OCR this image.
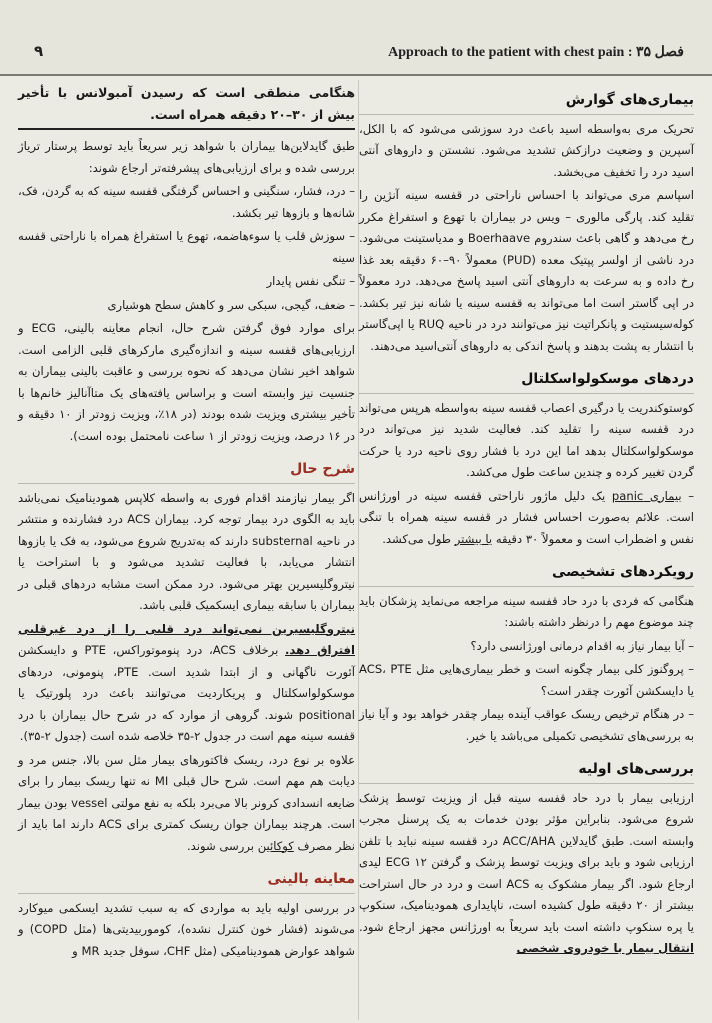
۹	Approach to the patient with chest pain : فصل ۳۵
بیماری‌های گوارش

تحریک مری به‌واسطه اسید باعث درد سوزشی می‌شود که با الکل، آسپرین و وضعیت درازکش تشدید می‌شود. نشستن و داروهای آنتی اسید درد را تخفیف می‌بخشد.

اسپاسم مری می‌تواند با احساس ناراحتی در قفسه سینه آنژین را تقلید کند. پارگی مالوری – ویس در بیماران با تهوع و استفراغ مکرر رخ می‌دهد و گاهی باعث سندروم Boerhaave و مدیاستینت می‌شود. درد ناشی از اولسر پپتیک معده (PUD) معمولاً ۹۰–۶۰ دقیقه بعد غذا رخ داده و به سرعت به داروهای آنتی اسید پاسخ می‌دهد. درد معمولاً در اپی گاستر است اما می‌تواند به قفسه سینه یا شانه نیز تیر بکشد. کوله‌سیستیت و پانکراتیت نیز می‌توانند درد در ناحیه RUQ یا اپی‌گاستر با انتشار به پشت بدهند و پاسخ اندکی به داروهای آنتی‌اسید می‌دهند.

دردهای موسکولواسکلتال

کوستوکندریت یا درگیری اعصاب قفسه سینه به‌واسطه هرپس می‌تواند درد قفسه سینه را تقلید کند. فعالیت شدید نیز می‌تواند درد موسکولواسکلتال بدهد اما این درد با فشار روی ناحیه درد یا حرکت گردن تغییر کرده و چندین ساعت طول می‌کشد.

– بیماری panic یک دلیل ماژور ناراحتی قفسه سینه در اورژانس است. علائم به‌صورت احساس فشار در قفسه سینه همراه با تنگی نفس و اضطراب است و معمولاً ۳۰ دقیقه یا بیشتر طول می‌کشد.

رویکرد‌های تشخیصی

هنگامی که فردی با درد حاد قفسه سینه مراجعه می‌نماید پزشکان باید چند موضوع مهم را درنظر داشته باشند:

– آیا بیمار نیاز به اقدام درمانی اورژانسی دارد؟

– پروگنوز کلی بیمار چگونه است و خطر بیماری‌هایی مثل ACS، PTE یا دایسکشن آئورت چقدر است؟

– در هنگام ترخیص ریسک عواقب آینده بیمار چقدر خواهد بود و آیا نیاز به بررسی‌های تشخیصی تکمیلی می‌باشد یا خیر.

بررسی‌های اولیه

ارزیابی بیمار با درد حاد قفسه سینه قبل از ویزیت توسط پزشک شروع می‌شود. بنابراین مؤثر بودن خدمات به یک پرسنل مجرب وابسته است. طبق گایدلاین ACC/AHA درد قفسه سینه نباید با تلفن ارزیابی شود و باید برای ویزیت توسط پزشک و گرفتن ECG ۱۲ لیدی ارجاع شود. اگر بیمار مشکوک به ACS است و درد در حال استراحت بیشتر از ۲۰ دقیقه طول کشیده است، ناپایداری همودینامیک، سنکوپ یا پره سنکوپ داشته است باید سریعاً به اورژانس مجهز ارجاع شود. انتقال بیمار با خودروی شخصی

هنگامی منطقی است که رسیدن آمبولانس با تأخیر بیش از ۳۰–۲۰ دقیقه همراه است.

طبق گایدلاین‌ها بیماران با شواهد زیر سریعاً باید توسط پرستار تریاژ بررسی شده و برای ارزیابی‌های پیشرفته‌تر ارجاع شوند:

– درد، فشار، سنگینی و احساس گرفتگی قفسه سینه که به گردن، فک، شانه‌ها و بازوها تیر بکشد.

– سوزش قلب یا سوءهاضمه، تهوع یا استفراغ همراه با ناراحتی قفسه سینه

– تنگی نفس پایدار

– ضعف، گیجی، سبکی سر و کاهش سطح هوشیاری

برای موارد فوق گرفتن شرح حال، انجام معاینه بالینی، ECG و ارزیابی‌های قفسه سینه و اندازه‌گیری مارکرهای قلبی الزامی است. شواهد اخیر نشان می‌دهد که نحوه بررسی و عاقبت بالینی بیماران به جنسیت نیز وابسته است و براساس یافته‌های یک متاآنالیز خانم‌ها با تأخیر بیشتری ویزیت شده بودند (در ۱۸٪، ویزیت زودتر از ۱۰ دقیقه و در ۱۶ درصد، ویزیت زودتر از ۱ ساعت نامحتمل بوده است).

شرح حال

اگر بیمار نیازمند اقدام فوری به واسطه کلاپس همودینامیک نمی‌باشد باید به الگوی درد بیمار توجه کرد. بیماران ACS درد فشارنده و منتشر در ناحیه substernal دارند که به‌تدریج شروع می‌شود، به فک یا بازوها انتشار می‌یابد، با فعالیت تشدید می‌شود و با استراحت یا نیتروگلیسیرین بهتر می‌شود. درد ممکن است مشابه دردهای قبلی در بیماران با سابقه بیماری ایسکمیک قلبی باشد.

نیتروگلیسیرین نمی‌تواند درد قلبی را از درد غیرقلبی افتراق دهد. برخلاف ACS، درد پنوموتوراکس، PTE و دایسکشن آئورت ناگهانی و از ابتدا شدید است. PTE، پنومونی، دردهای موسکولواسکلتال و پریکاردیت می‌توانند باعث درد پلورتیک یا positional شوند. گروهی از موارد که در شرح حال بیماران با درد قفسه سینه مهم است در جدول ۲-۳۵ خلاصه شده است (جدول ۲-۳۵).

علاوه بر نوع درد، ریسک فاکتورهای بیمار مثل سن بالا، جنس مرد و دیابت هم مهم است. شرح حال قبلی MI نه تنها ریسک بیمار را برای ضایعه انسدادی کرونر بالا می‌برد بلکه به نفع مولتی vessel بودن بیمار است. هرچند بیماران جوان ریسک کمتری برای ACS دارند اما باید از نظر مصرف کوکائین بررسی شوند.

معاینه بالینی

در بررسی اولیه باید به مواردی که به سبب تشدید ایسکمی میوکارد می‌شوند (فشار خون کنترل نشده)، کوموربیدیتی‌ها (مثل COPD) و شواهد عوارض همودینامیکی (مثل CHF، سوفل جدید MR و
